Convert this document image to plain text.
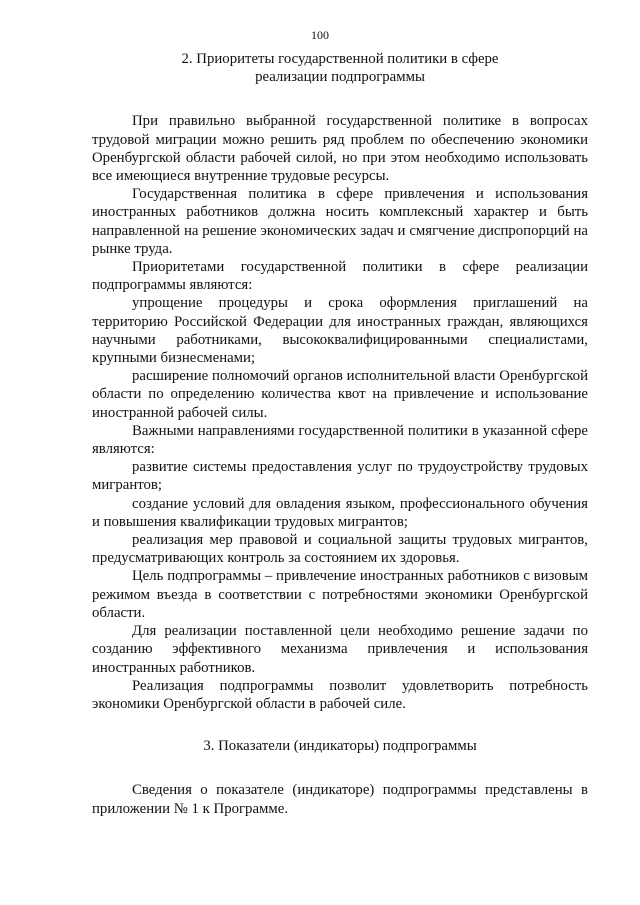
100
2. Приоритеты государственной политики в сфере
реализации подпрограммы

При правильно выбранной государственной политике в вопросах трудовой миграции можно решить ряд проблем по обеспечению экономики Оренбургской области рабочей силой, но при этом необходимо использовать все имеющиеся внутренние трудовые ресурсы.

Государственная политика в сфере привлечения и использования иностранных работников должна носить комплексный характер и быть направленной на решение экономических задач и смягчение диспропорций на рынке труда.

Приоритетами государственной политики в сфере реализации подпрограммы являются:

упрощение процедуры и срока оформления приглашений на территорию Российской Федерации для иностранных граждан, являющихся научными работниками, высококвалифицированными специалистами, крупными бизнесменами;

расширение полномочий органов исполнительной власти Оренбургской области по определению количества квот на привлечение и использование иностранной рабочей силы.

Важными направлениями государственной политики в указанной сфере являются:

развитие системы предоставления услуг по трудоустройству трудовых мигрантов;

создание условий для овладения языком, профессионального обучения и повышения квалификации трудовых мигрантов;

реализация мер правовой и социальной защиты трудовых мигрантов, предусматривающих контроль за состоянием их здоровья.

Цель подпрограммы – привлечение иностранных работников с визовым режимом въезда в соответствии с потребностями экономики Оренбургской области.

Для реализации поставленной цели необходимо решение задачи по созданию эффективного механизма привлечения и использования иностранных работников.

Реализация подпрограммы позволит удовлетворить потребность экономики Оренбургской области в рабочей силе.

3. Показатели (индикаторы) подпрограммы

Сведения о показателе (индикаторе) подпрограммы представлены в приложении № 1 к Программе.
